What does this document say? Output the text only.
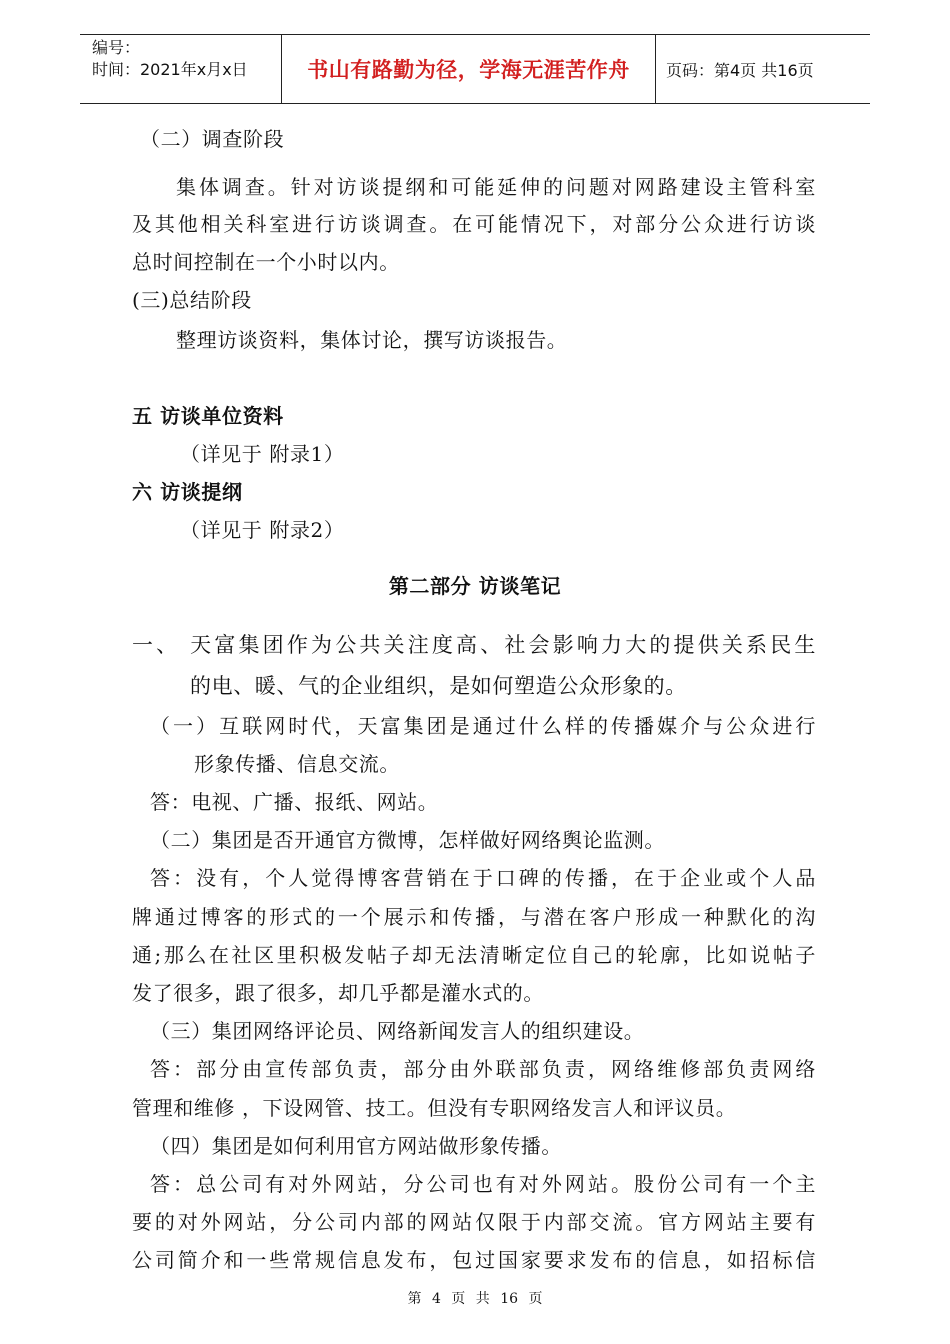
编号：
时间：2021年x月x日	书山有路勤为径，学海无涯苦作舟	页码：第4页 共16页
（二）调查阶段
集体调查。针对访谈提纲和可能延伸的问题对网路建设主管科室
及其他相关科室进行访谈调查。在可能情况下，对部分公众进行访谈
总时间控制在一个小时以内。
(三)总结阶段
整理访谈资料，集体讨论，撰写访谈报告。
五 访谈单位资料
（详见于 附录1）
六 访谈提纲
（详见于 附录2）
第二部分 访谈笔记
一、 天富集团作为公共关注度高、社会影响力大的提供关系民生
的电、暖、气的企业组织，是如何塑造公众形象的。
（一）互联网时代，天富集团是通过什么样的传播媒介与公众进行
形象传播、信息交流。
答：电视、广播、报纸、网站。
（二）集团是否开通官方微博，怎样做好网络舆论监测。
答：没有，个人觉得博客营销在于口碑的传播，在于企业或个人品
牌通过博客的形式的一个展示和传播，与潜在客户形成一种默化的沟
通;那么在社区里积极发帖子却无法清晰定位自己的轮廓，比如说帖子
发了很多，跟了很多，却几乎都是灌水式的。
（三）集团网络评论员、网络新闻发言人的组织建设。
答：部分由宣传部负责，部分由外联部负责，网络维修部负责网络
管理和维修 ，下设网管、技工。但没有专职网络发言人和评议员。
（四）集团是如何利用官方网站做形象传播。
答：总公司有对外网站，分公司也有对外网站。股份公司有一个主
要的对外网站，分公司内部的网站仅限于内部交流。官方网站主要有
公司简介和一些常规信息发布，包过国家要求发布的信息，如招标信
第 4 页 共 16 页
